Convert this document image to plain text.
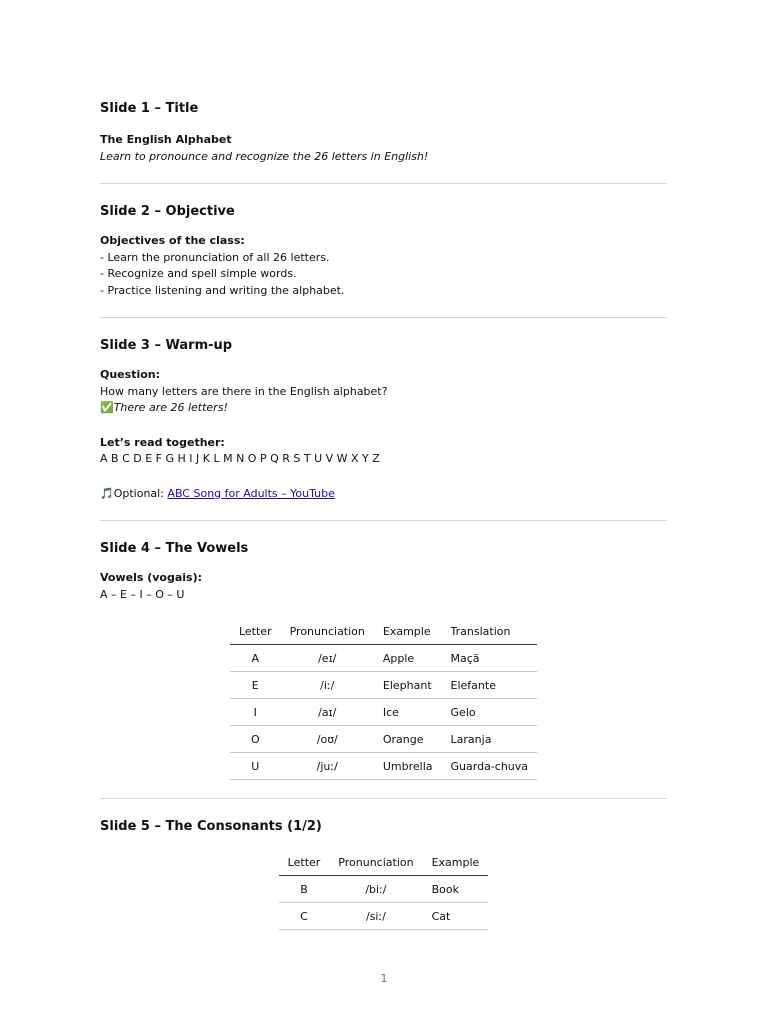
Slide 1 – Title
The English Alphabet
Learn to pronounce and recognize the 26 letters in English!
Slide 2 – Objective
Objectives of the class:
- Learn the pronunciation of all 26 letters.
- Recognize and spell simple words.
- Practice listening and writing the alphabet.
Slide 3 – Warm-up
Question:
How many letters are there in the English alphabet?
✅There are 26 letters!
Let’s read together:
A B C D E F G H I J K L M N O P Q R S T U V W X Y Z
🎵Optional: ABC Song for Adults – YouTube
Slide 4 – The Vowels
Vowels (vogais):
A – E – I – O – U
Letter	Pronunciation	Example	Translation
A	/eɪ/	Apple	Maçã
E	/iː/	Elephant	Elefante
I	/aɪ/	Ice	Gelo
O	/oʊ/	Orange	Laranja
U	/juː/	Umbrella	Guarda-chuva
Slide 5 – The Consonants (1/2)
Letter	Pronunciation	Example
B	/biː/	Book
C	/siː/	Cat
1
